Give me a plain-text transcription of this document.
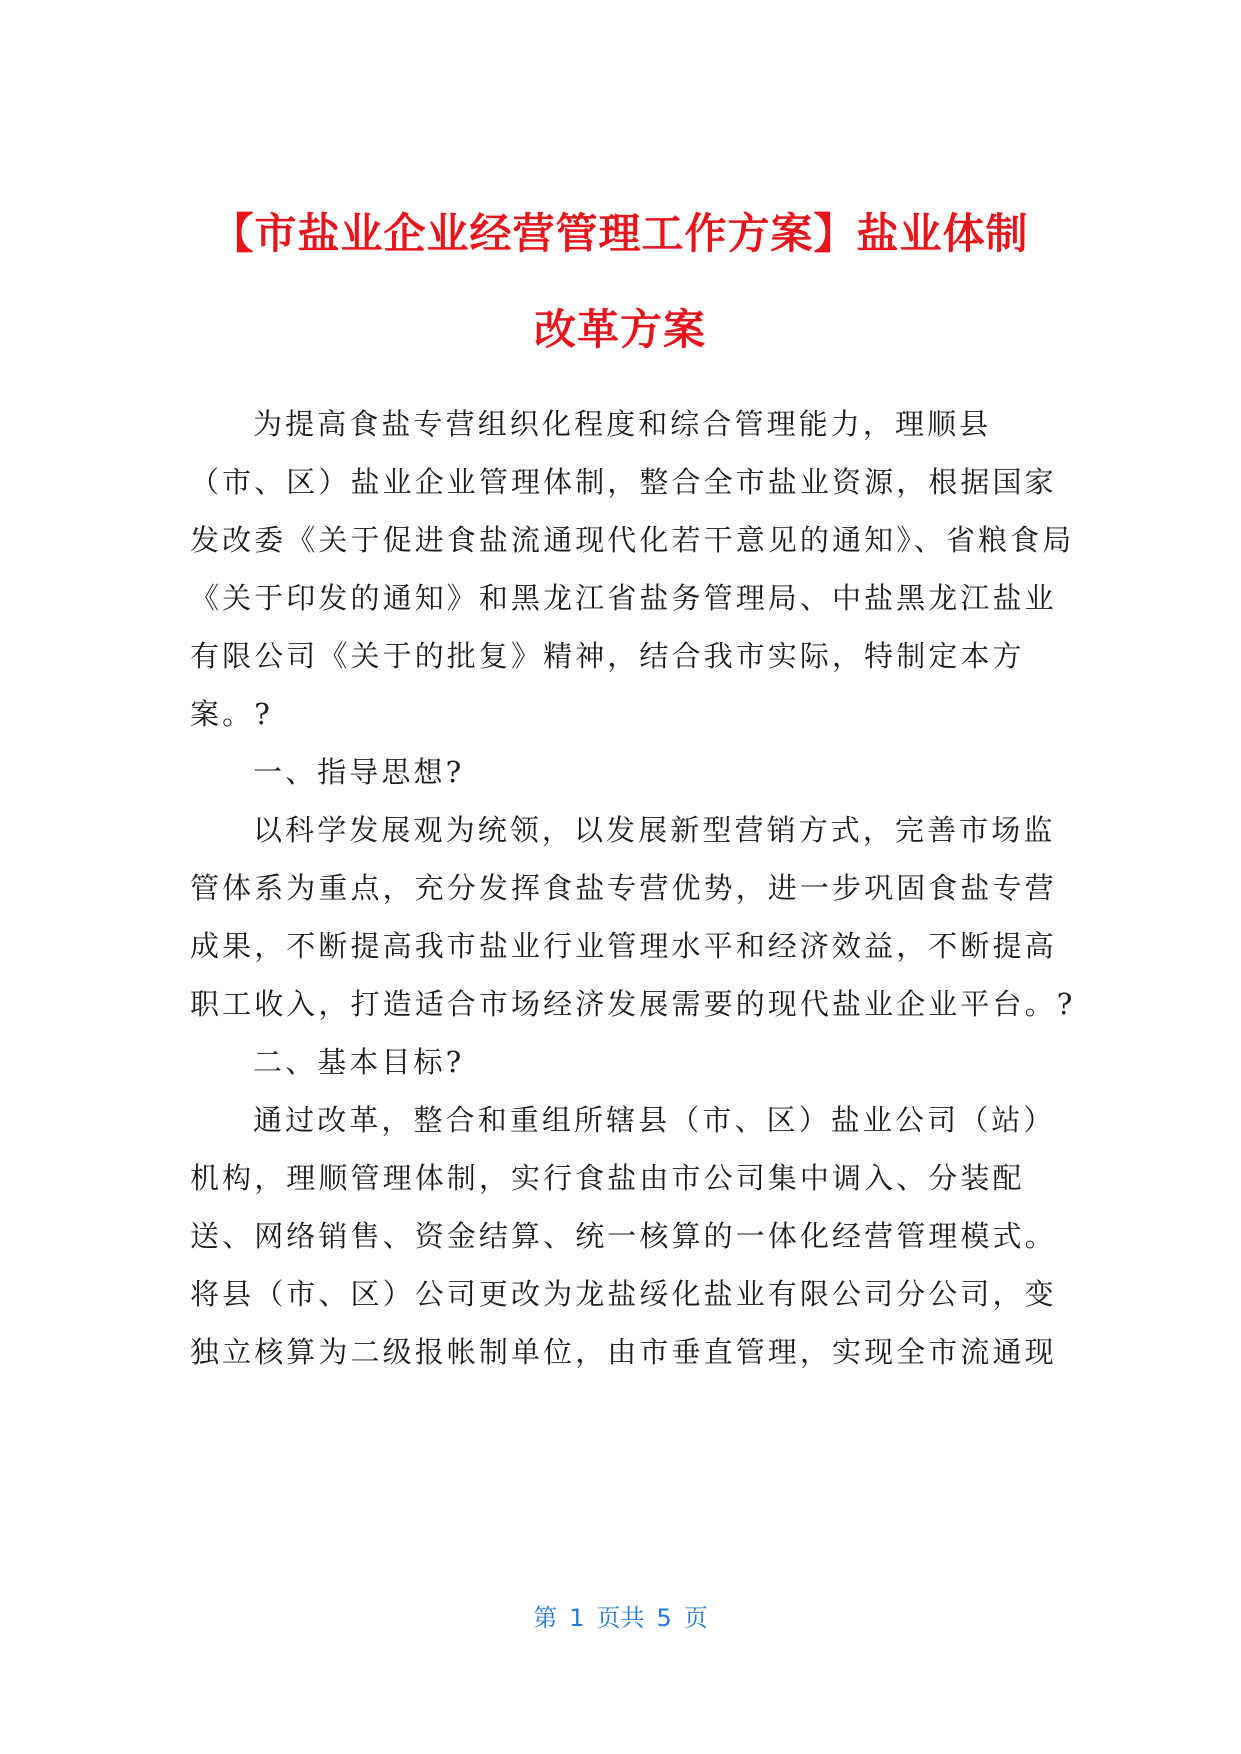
【市盐业企业经营管理工作方案】盐业体制
改革方案
为提高食盐专营组织化程度和综合管理能力，理顺县
（市、区）盐业企业管理体制，整合全市盐业资源，根据国家
发改委《关于促进食盐流通现代化若干意见的通知》、省粮食局
《关于印发的通知》和黑龙江省盐务管理局、中盐黑龙江盐业
有限公司《关于的批复》精神，结合我市实际，特制定本方
案。?
一、指导思想?
以科学发展观为统领，以发展新型营销方式，完善市场监
管体系为重点，充分发挥食盐专营优势，进一步巩固食盐专营
成果，不断提高我市盐业行业管理水平和经济效益，不断提高
职工收入，打造适合市场经济发展需要的现代盐业企业平台。?
二、基本目标?
通过改革，整合和重组所辖县（市、区）盐业公司（站）
机构，理顺管理体制，实行食盐由市公司集中调入、分装配
送、网络销售、资金结算、统一核算的一体化经营管理模式。
将县（市、区）公司更改为龙盐绥化盐业有限公司分公司，变
独立核算为二级报帐制单位，由市垂直管理，实现全市流通现
第 1 页共 5 页
